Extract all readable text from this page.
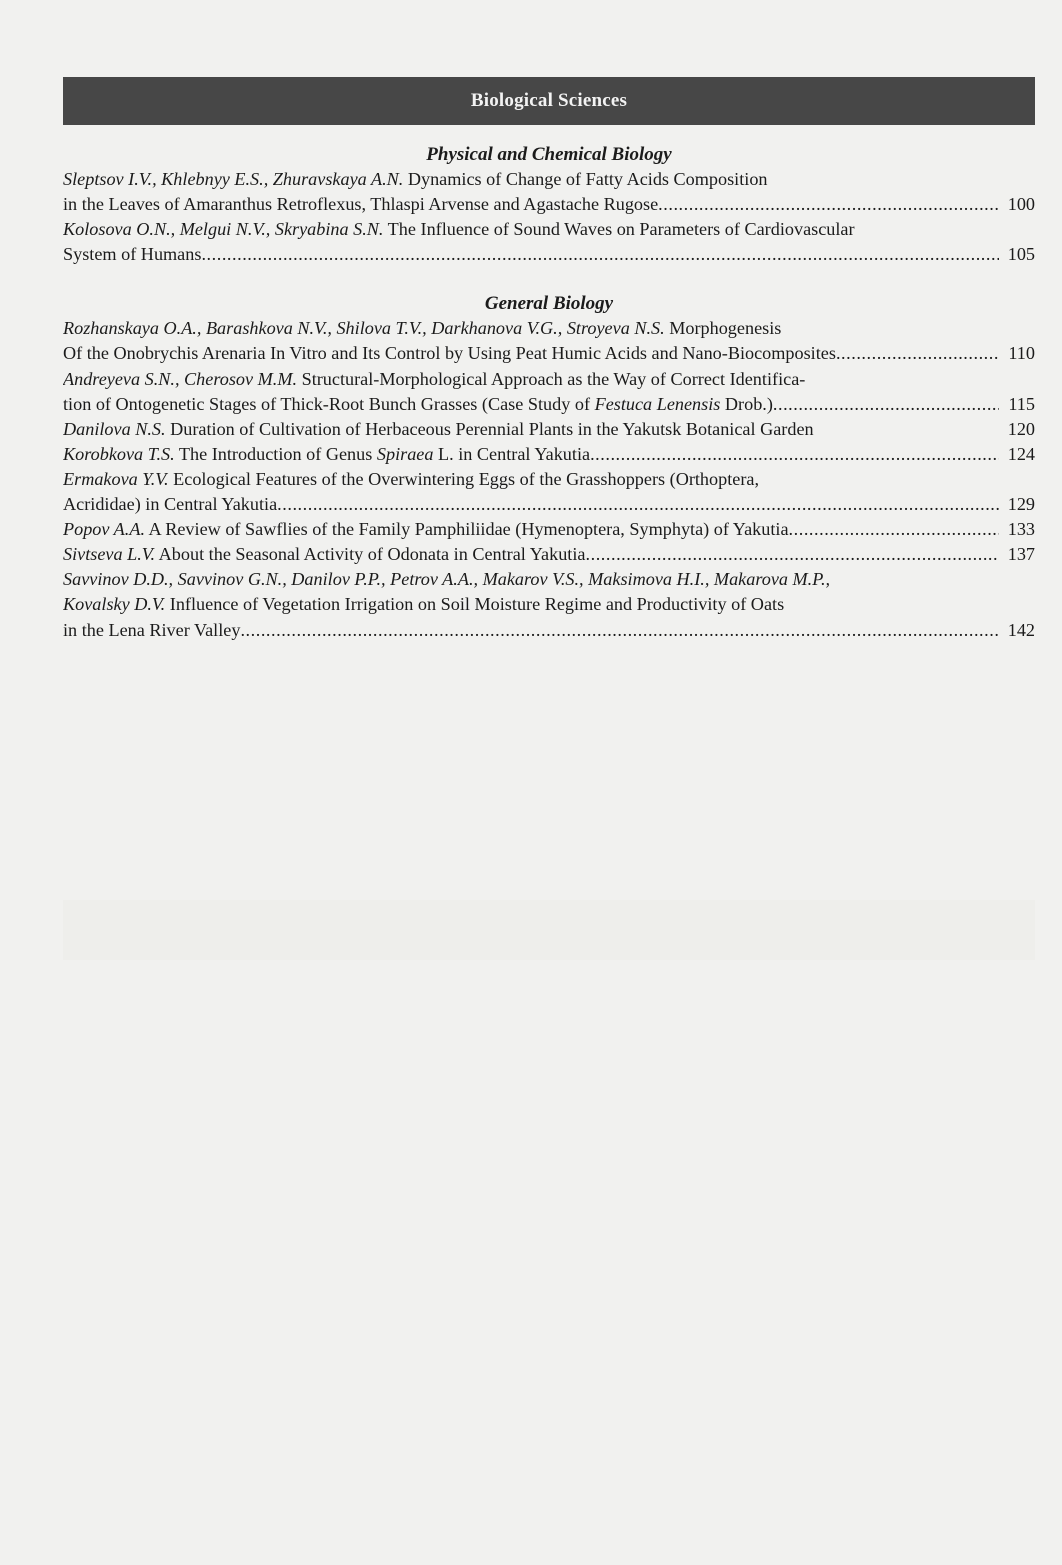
Biological Sciences
Physical and Chemical Biology
Sleptsov I.V., Khlebnyy E.S., Zhuravskaya A.N. Dynamics of Change of Fatty Acids Composition
in the Leaves of Amaranthus Retroflexus, Thlaspi Arvense and Agastache Rugose . . .	100
Kolosova O.N., Melgui N.V., Skryabina S.N. The Influence of Sound Waves on Parameters of Cardiovascular
System of Humans . . .	105
General Biology
Rozhanskaya O.A., Barashkova N.V., Shilova T.V., Darkhanova V.G., Stroyeva N.S. Morphogenesis
Of the Onobrychis Arenaria In Vitro and Its Control by Using Peat Humic Acids and Nano-Biocomposites . . .	110
Andreyeva S.N., Cherosov M.M. Structural-Morphological Approach as the Way of Correct Identifica-
tion of Ontogenetic Stages of Thick-Root Bunch Grasses (Case Study of Festuca Lenensis Drob.) . . .	115
Danilova N.S. Duration of Cultivation of Herbaceous Perennial Plants in the Yakutsk Botanical Garden	120
Korobkova T.S. The Introduction of Genus Spiraea L. in Central Yakutia . . .	124
Ermakova Y.V. Ecological Features of the Overwintering Eggs of the Grasshoppers (Orthoptera,
Acrididae) in Central Yakutia . . .	129
Popov A.A. A Review of Sawflies of the Family Pamphiliidae (Hymenoptera, Symphyta) of Yakutia . . .	133
Sivtseva L.V. About the Seasonal Activity of Odonata in Central Yakutia . . .	137
Savvinov D.D., Savvinov G.N., Danilov P.P., Petrov A.A., Makarov V.S., Maksimova H.I., Makarova M.P.,
Kovalsky D.V. Influence of Vegetation Irrigation on Soil Moisture Regime and Productivity of Oats
in the Lena River Valley . . .	142
